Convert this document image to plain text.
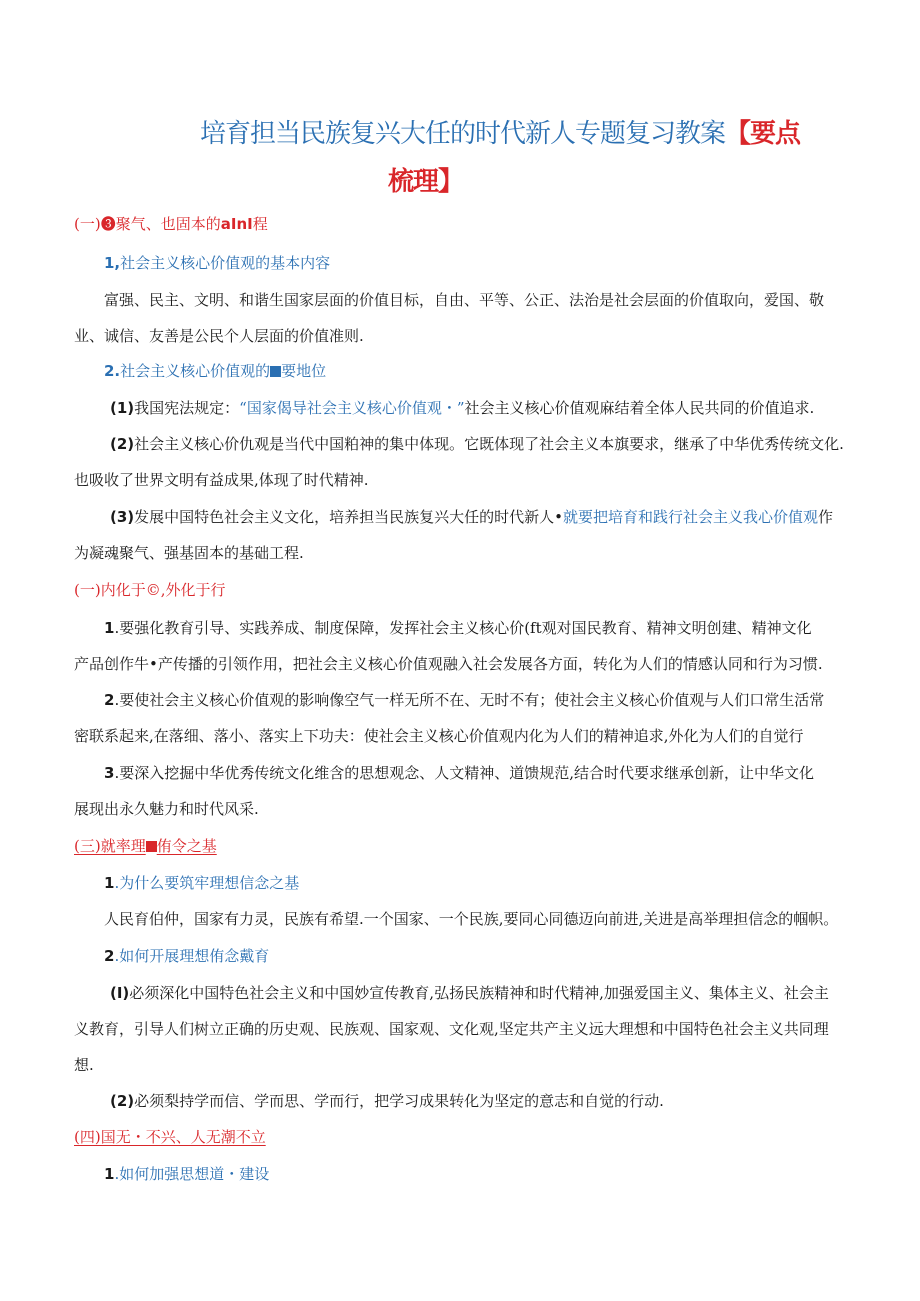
培育担当民族复兴大任的时代新人专题复习教案【要点
梳理】
(一)❸聚气、也固本的aInI程
1,社会主义核心价值观的基本内容
富强、民主、文明、和谐生国家层面的价值目标，自由、平等、公正、法治是社会层面的价值取向，爱国、敬
业、诚信、友善是公民个人层面的价值准则.
2.社会主义核心价值观的 要地位
(1)我国宪法规定：“国家偈导社会主义核心价值观・”社会主义核心价值观麻结着全体人民共同的价值追求.
(2)社会主义核心价仇观是当代中国粕神的集中体现。它既体现了社会主义本旗要求，继承了中华优秀传统文化.
也吸收了世界文明有益成果,体现了时代精神.
(3)发展中国特色社会主义文化，培养担当民族复兴大任的时代新人•就要把培育和践行社会主义我心价值观作
为凝魂聚气、强基固本的基础工程.
(一)内化于©,外化于行
1.要强化教育引导、实践养成、制度保障，发挥社会主义核心价(ft观对国民教育、精神文明创建、精神文化
产品创作牛•产传播的引领作用，把社会主义核心价值观融入社会发展各方面，转化为人们的情感认同和行为习惯.
2.要使社会主义核心价值观的影响像空气一样无所不在、无时不有；使社会主义核心价值观与人们口常生活常
密联系起来,在落细、落小、落实上下功夫：使社会主义核心价值观内化为人们的精神追求,外化为人们的自觉行
3.要深入挖掘中华优秀传统文化维含的思想观念、人文精神、道馈规范,结合时代要求继承创新，让中华文化
展现出永久魅力和时代风采.
(三)就率理 侑令之基
1.为什么要筑牢理想信念之基
人民育伯仲，国家有力灵，民族有希望.一个国家、一个民族,要同心同德迈向前进,关进是高举理担信念的帼帜。
2.如何开展理想侑念戴育
(I)必须深化中国特色社会主义和中国妙宣传教育,弘扬民族精神和时代精神,加强爱国主义、集体主义、社会主
义教育，引导人们树立正确的历史观、民族观、国家观、文化观,坚定共产主义远大理想和中国特色社会主义共同理
想.
(2)必须梨持学而信、学而思、学而行，把学习成果转化为坚定的意志和自觉的行动.
(四)国无・不兴、人无潮不立
1.如何加强思想道・建设
